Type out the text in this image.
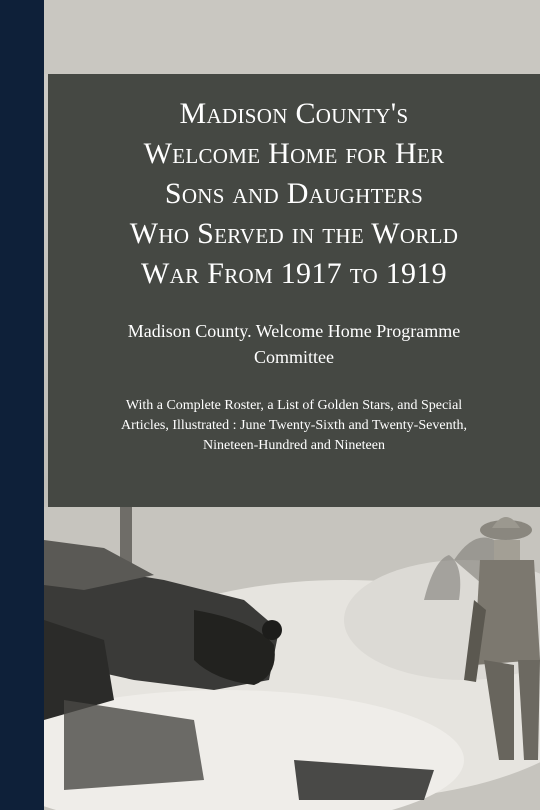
Madison County's
Welcome Home for Her
Sons and Daughters
Who Served in the World
War From 1917 to 1919

Madison County. Welcome Home Programme
Committee

With a Complete Roster, a List of Golden Stars, and Special
Articles, Illustrated : June Twenty-Sixth and Twenty-Seventh,
Nineteen-Hundred and Nineteen
